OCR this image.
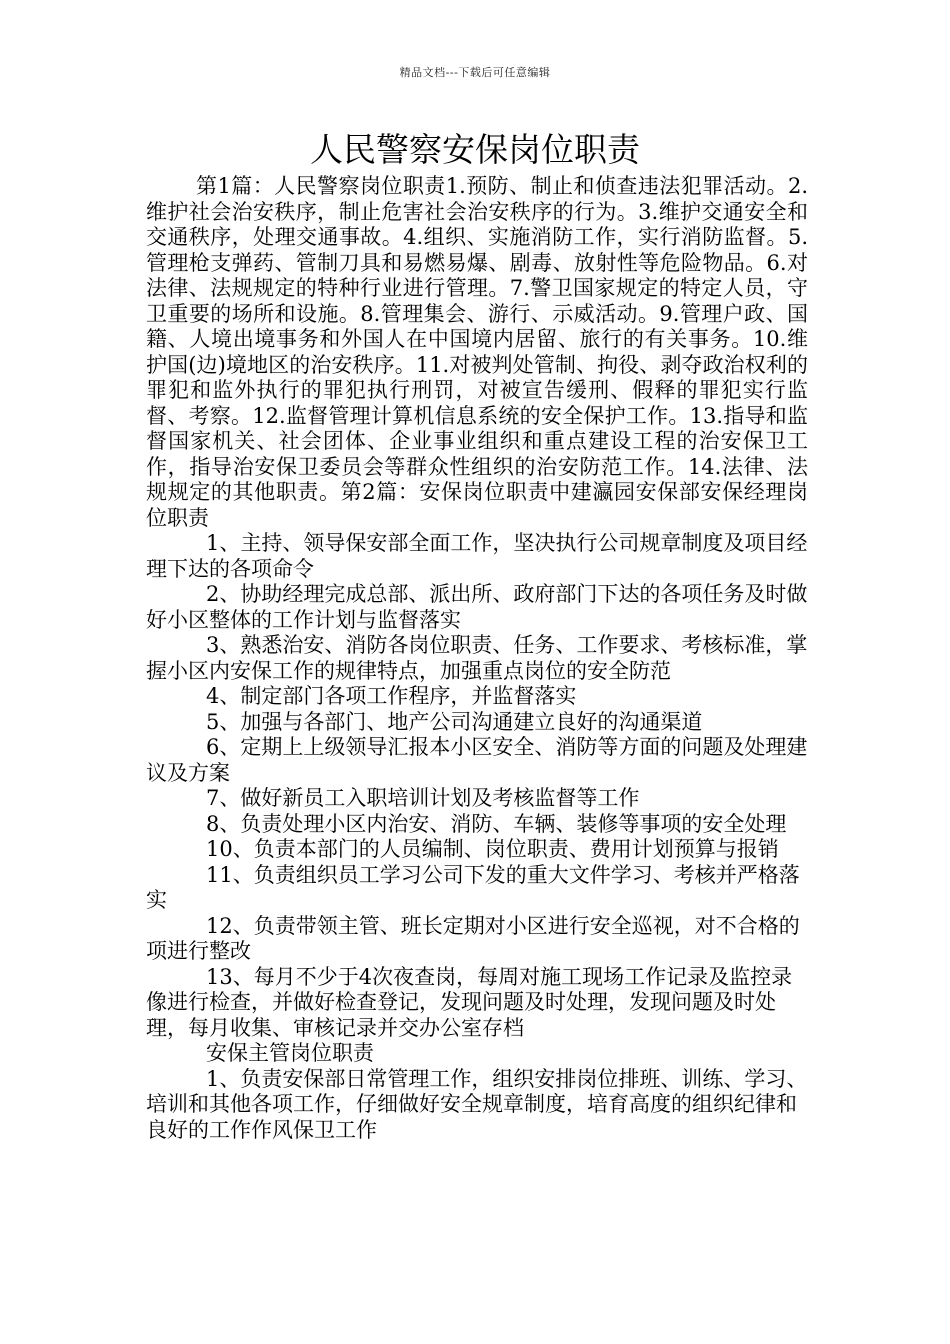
精品文档---下载后可任意编辑
人民警察安保岗位职责

第1篇：人民警察岗位职责1.预防、制止和侦查违法犯罪活动。2.维护社会治安秩序，制止危害社会治安秩序的行为。3.维护交通安全和交通秩序，处理交通事故。4.组织、实施消防工作，实行消防监督。5.管理枪支弹药、管制刀具和易燃易爆、剧毒、放射性等危险物品。6.对法律、法规规定的特种行业进行管理。7.警卫国家规定的特定人员，守卫重要的场所和设施。8.管理集会、游行、示威活动。9.管理户政、国籍、人境出境事务和外国人在中国境内居留、旅行的有关事务。10.维护国(边)境地区的治安秩序。11.对被判处管制、拘役、剥夺政治权利的罪犯和监外执行的罪犯执行刑罚，对被宣告缓刑、假释的罪犯实行监督、考察。12.监督管理计算机信息系统的安全保护工作。13.指导和监督国家机关、社会团体、企业事业组织和重点建设工程的治安保卫工作，指导治安保卫委员会等群众性组织的治安防范工作。14.法律、法规规定的其他职责。第2篇：安保岗位职责中建瀛园安保部安保经理岗位职责

1、主持、领导保安部全面工作，坚决执行公司规章制度及项目经理下达的各项命令

2、协助经理完成总部、派出所、政府部门下达的各项任务及时做好小区整体的工作计划与监督落实

3、熟悉治安、消防各岗位职责、任务、工作要求、考核标准，掌握小区内安保工作的规律特点，加强重点岗位的安全防范

4、制定部门各项工作程序，并监督落实

5、加强与各部门、地产公司沟通建立良好的沟通渠道

6、定期上上级领导汇报本小区安全、消防等方面的问题及处理建议及方案

7、做好新员工入职培训计划及考核监督等工作

8、负责处理小区内治安、消防、车辆、装修等事项的安全处理

10、负责本部门的人员编制、岗位职责、费用计划预算与报销

11、负责组织员工学习公司下发的重大文件学习、考核并严格落实

12、负责带领主管、班长定期对小区进行安全巡视，对不合格的项进行整改

13、每月不少于4次夜查岗，每周对施工现场工作记录及监控录像进行检查，并做好检查登记，发现问题及时处理，发现问题及时处理，每月收集、审核记录并交办公室存档

安保主管岗位职责

1、负责安保部日常管理工作，组织安排岗位排班、训练、学习、培训和其他各项工作，仔细做好安全规章制度，培育高度的组织纪律和良好的工作作风保卫工作
